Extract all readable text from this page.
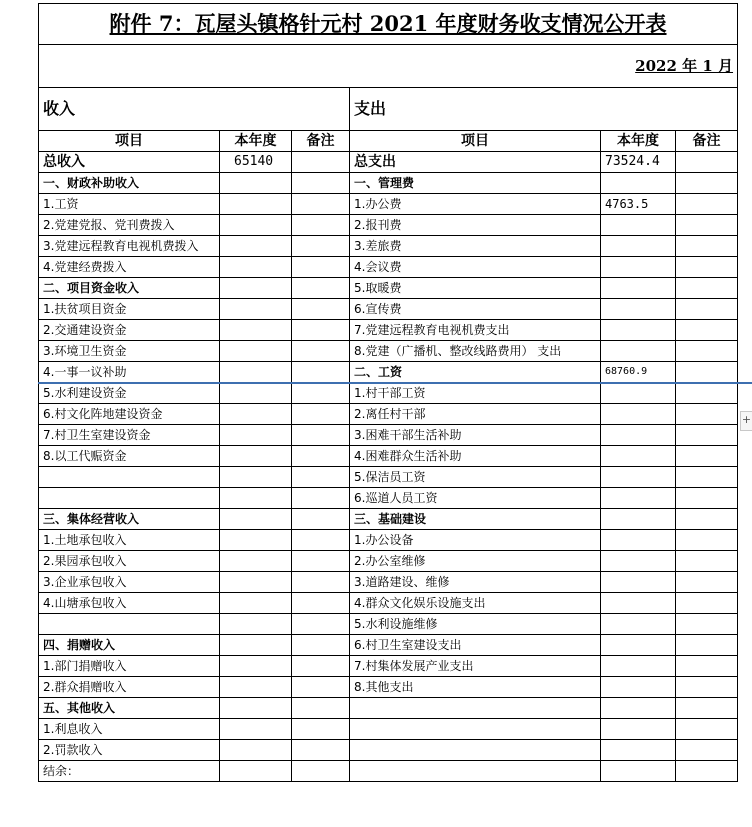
附件 7：瓦屋头镇格针元村 2021 年度财务收支情况公开表					
2022 年 1 月					
收入			支出		
项目	本年度	备注	项目	本年度	备注
总收入	65140		总支出	73524.4	
一、财政补助收入			一、管理费		
1.工资			1.办公费	4763.5	
2.党建党报、党刊费拨入			2.报刊费		
3.党建远程教育电视机费拨入			3.差旅费		
4.党建经费拨入			4.会议费		
二、项目资金收入			5.取暖费		
1.扶贫项目资金			6.宣传费		
2.交通建设资金			7.党建远程教育电视机费支出		
3.环境卫生资金			8.党建（广播机、整改线路费用） 支出		
4.一事一议补助			二、工资	68760.9	
5.水利建设资金			1.村干部工资		
6.村文化阵地建设资金			2.离任村干部		
7.村卫生室建设资金			3.困难干部生活补助		
8.以工代赈资金			4.困难群众生活补助		
			5.保洁员工资		
			6.巡道人员工资		
三、集体经营收入			三、基础建设		
1.土地承包收入			1.办公设备		
2.果园承包收入			2.办公室维修		
3.企业承包收入			3.道路建设、维修		
4.山塘承包收入			4.群众文化娱乐设施支出		
			5.水利设施维修		
四、捐赠收入			6.村卫生室建设支出		
1.部门捐赠收入			7.村集体发展产业支出		
2.群众捐赠收入			8.其他支出		
五、其他收入					
1.利息收入					
2.罚款收入					
结余：					
+
